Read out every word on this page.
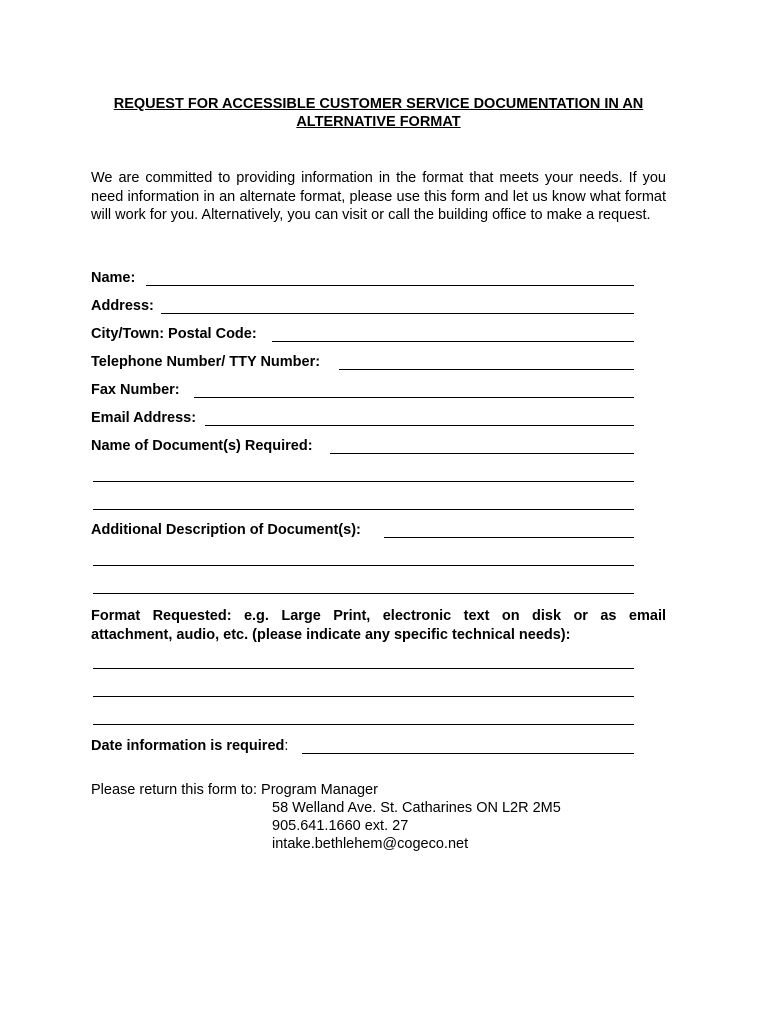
REQUEST FOR ACCESSIBLE CUSTOMER SERVICE DOCUMENTATION IN AN
ALTERNATIVE FORMAT
We are committed to providing information in the format that meets your needs. If you need information in an alternate format, please use this form and let us know what format will work for you. Alternatively, you can visit or call the building office to make a request.
Name:
Address:
City/Town: Postal Code:
Telephone Number/ TTY Number:
Fax Number:
Email Address:
Name of Document(s) Required:
Additional Description of Document(s):
Format Requested: e.g. Large Print, electronic text on disk or as email
attachment, audio, etc. (please indicate any specific technical needs):
Date information is required:
Please return this form to: Program Manager
58 Welland Ave. St. Catharines ON L2R 2M5
905.641.1660 ext. 27
intake.bethlehem@cogeco.net
